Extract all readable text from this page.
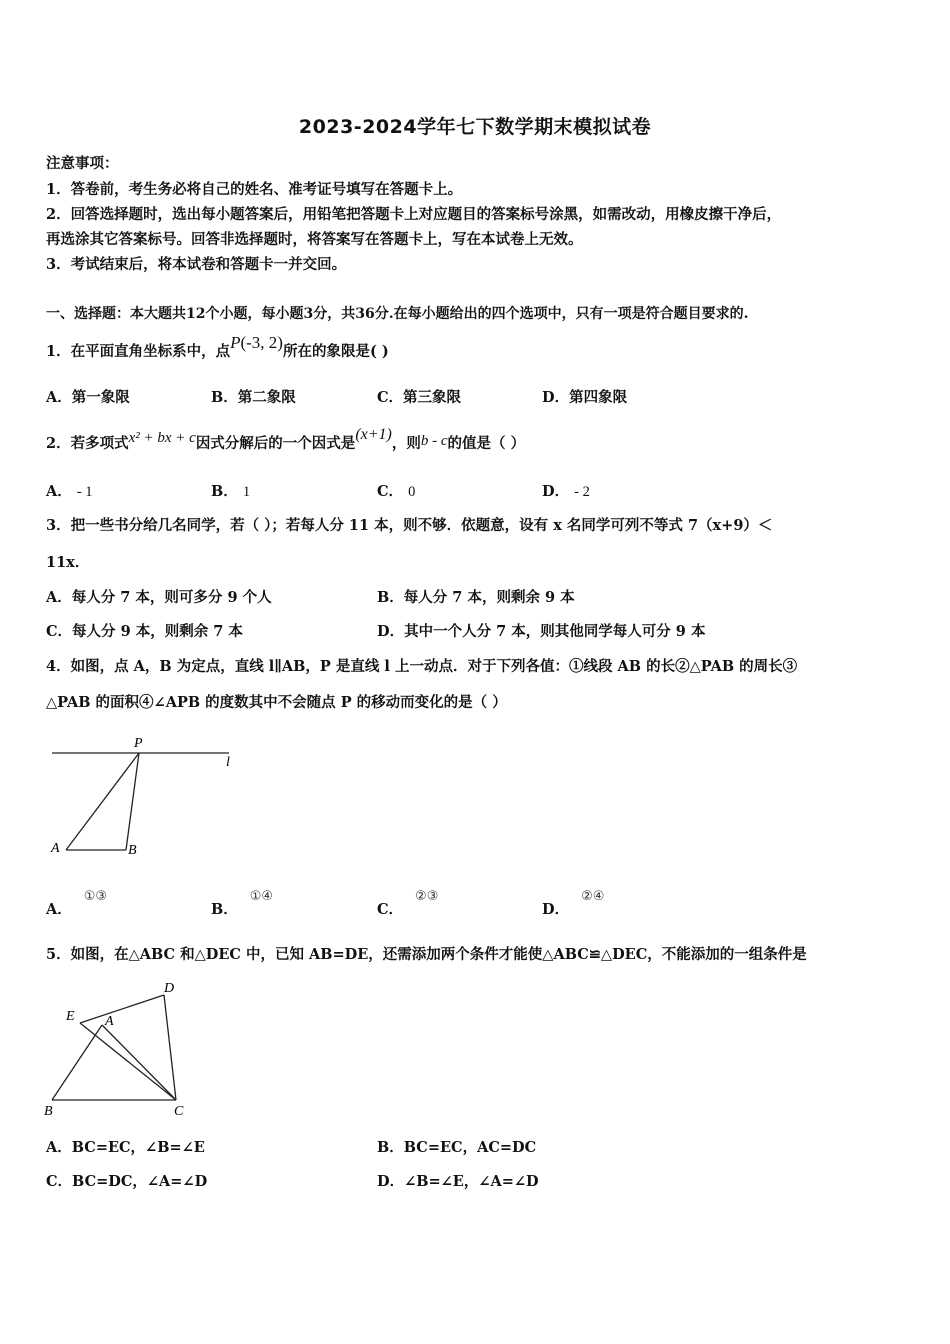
2023-2024学年七下数学期末模拟试卷
注意事项：
1．答卷前，考生务必将自己的姓名、准考证号填写在答题卡上。
2．回答选择题时，选出每小题答案后，用铅笔把答题卡上对应题目的答案标号涂黑，如需改动，用橡皮擦干净后，
再选涂其它答案标号。回答非选择题时，将答案写在答题卡上，写在本试卷上无效。
3．考试结束后，将本试卷和答题卡一并交回。
一、选择题：本大题共12个小题，每小题3分，共36分.在每小题给出的四个选项中，只有一项是符合题目要求的.
1．在平面直角坐标系中，点P(-3, 2)所在的象限是( )
A．第一象限	B．第二象限	C．第三象限	D．第四象限
2．若多项式x² + bx + c因式分解后的一个因式是(x+1)，则b - c的值是（ ）
A． - 1	B． 1	C． 0	D． - 2
3．把一些书分给几名同学，若（ ）；若每人分 11 本，则不够．依题意，设有 x 名同学可列不等式 7（x+9）＜
11x．
A．每人分 7 本，则可多分 9 个人	B．每人分 7 本，则剩余 9 本
C．每人分 9 本，则剩余 7 本	D．其中一个人分 7 本，则其他同学每人可分 9 本
4．如图，点 A，B 为定点，直线 l∥AB，P 是直线 l 上一动点．对于下列各值：①线段 AB 的长②△PAB 的周长③
△PAB 的面积④∠APB 的度数其中不会随点 P 的移动而变化的是（ ）
P
l
A	B
A．①③
B．①④
C．②③
D．②④
5．如图，在△ABC 和△DEC 中，已知 AB=DE，还需添加两个条件才能使△ABC≌△DEC，不能添加的一组条件是
D
E A
B	C
A．BC=EC，∠B=∠E	B．BC=EC，AC=DC
C．BC=DC，∠A=∠D	D．∠B=∠E，∠A=∠D
